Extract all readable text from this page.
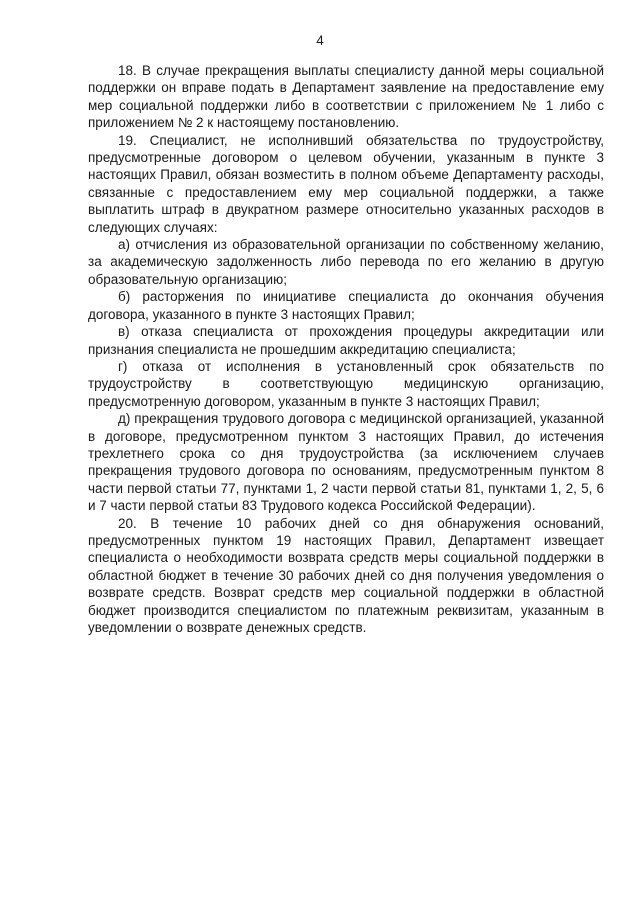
4

18. В случае прекращения выплаты специалисту данной меры социальной поддержки он вправе подать в Департамент заявление на предоставление ему мер социальной поддержки либо в соответствии с приложением № 1 либо с приложением № 2 к настоящему постановлению.

19. Специалист, не исполнивший обязательства по трудоустройству, предусмотренные договором о целевом обучении, указанным в пункте 3 настоящих Правил, обязан возместить в полном объеме Департаменту расходы, связанные с предоставлением ему мер социальной поддержки, а также выплатить штраф в двукратном размере относительно указанных расходов в следующих случаях:

а) отчисления из образовательной организации по собственному желанию, за академическую задолженность либо перевода по его желанию в другую образовательную организацию;

б) расторжения по инициативе специалиста до окончания обучения договора, указанного в пункте 3 настоящих Правил;

в) отказа специалиста от прохождения процедуры аккредитации или признания специалиста не прошедшим аккредитацию специалиста;

г) отказа от исполнения в установленный срок обязательств по трудоустройству в соответствующую медицинскую организацию, предусмотренную договором, указанным в пункте 3 настоящих Правил;

д) прекращения трудового договора с медицинской организацией, указанной в договоре, предусмотренном пунктом 3 настоящих Правил, до истечения трехлетнего срока со дня трудоустройства (за исключением случаев прекращения трудового договора по основаниям, предусмотренным пунктом 8 части первой статьи 77, пунктами 1, 2 части первой статьи 81, пунктами 1, 2, 5, 6 и 7 части первой статьи 83 Трудового кодекса Российской Федерации).

20. В течение 10 рабочих дней со дня обнаружения оснований, предусмотренных пунктом 19 настоящих Правил, Департамент извещает специалиста о необходимости возврата средств меры социальной поддержки в областной бюджет в течение 30 рабочих дней со дня получения уведомления о возврате средств. Возврат средств мер социальной поддержки в областной бюджет производится специалистом по платежным реквизитам, указанным в уведомлении о возврате денежных средств.
